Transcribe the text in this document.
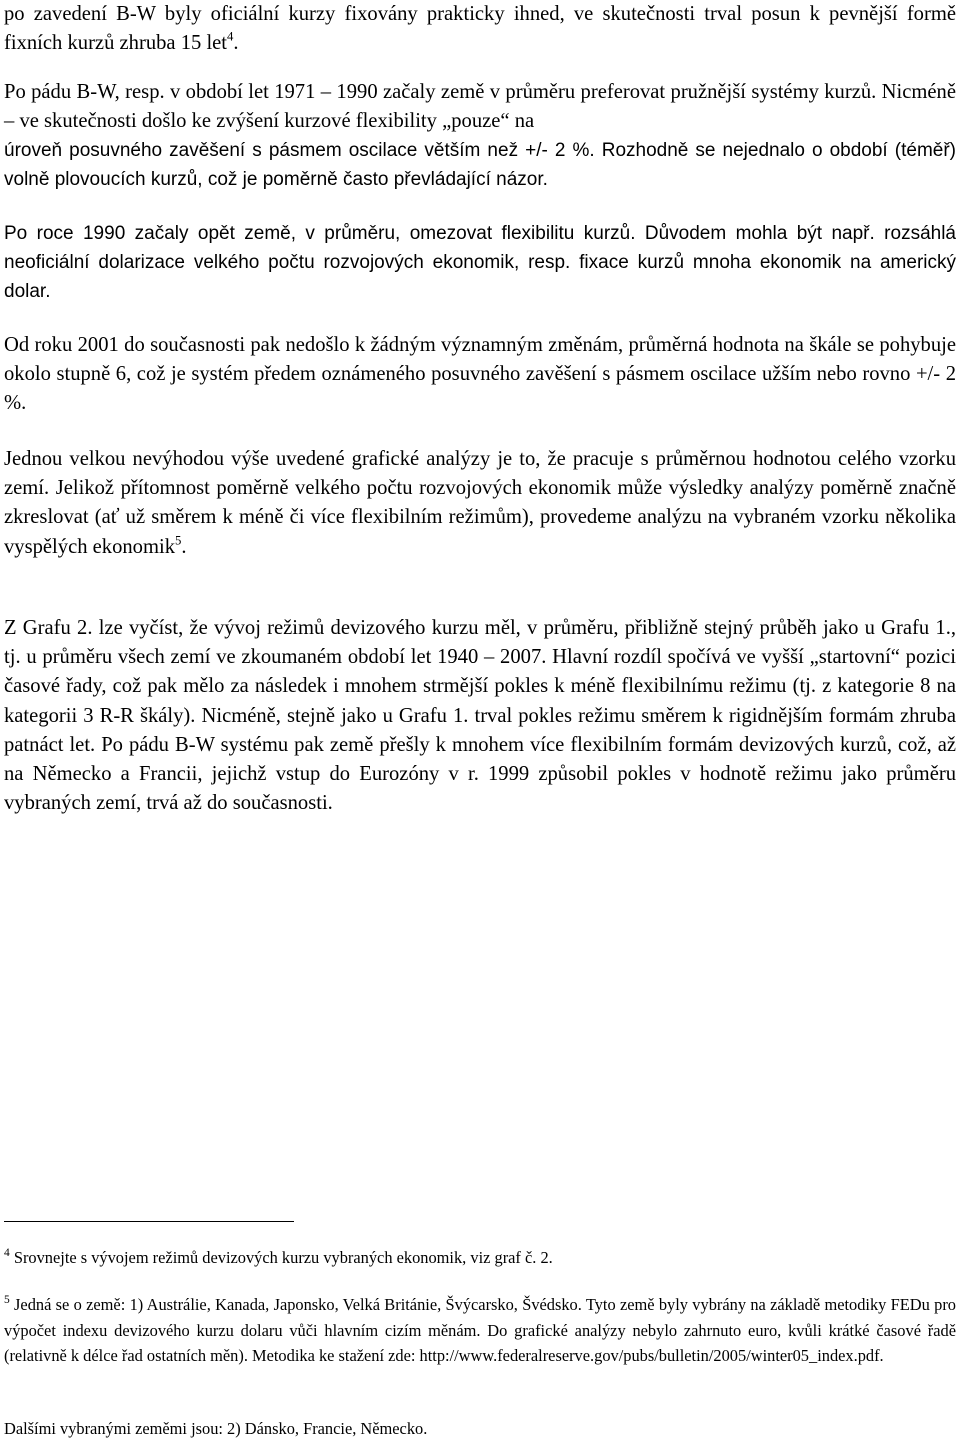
po zavedení B-W byly oficiální kurzy fixovány prakticky ihned, ve skutečnosti trval posun k pevnější formě fixních kurzů zhruba 15 let$^4$.

Po pádu B-W, resp. v období let 1971 – 1990 začaly země v průměru preferovat pružnější systémy kurzů. Nicméně – ve skutečnosti došlo ke zvýšení kurzové flexibility „pouze“ na

úroveň posuvného zavěšení s pásmem oscilace větším než +/- 2 %. Rozhodně se nejednalo o období (téměř) volně plovoucích kurzů, což je poměrně často převládající názor.

Po roce 1990 začaly opět země, v průměru, omezovat flexibilitu kurzů. Důvodem mohla být např. rozsáhlá neoficiální dolarizace velkého počtu rozvojových ekonomik, resp. fixace kurzů mnoha ekonomik na americký dolar.

Od roku 2001 do současnosti pak nedošlo k žádným významným změnám, průměrná hodnota na škále se pohybuje okolo stupně 6, což je systém předem oznámeného posuvného zavěšení s pásmem oscilace užším nebo rovno +/- 2 %.

Jednou velkou nevýhodou výše uvedené grafické analýzy je to, že pracuje s průměrnou hodnotou celého vzorku zemí. Jelikož přítomnost poměrně velkého počtu rozvojových ekonomik může výsledky analýzy poměrně značně zkreslovat (ať už směrem k méně či více flexibilním režimům), provedeme analýzu na vybraném vzorku několika vyspělých ekonomik$^5$.

Z Grafu 2. lze vyčíst, že vývoj režimů devizového kurzu měl, v průměru, přibližně stejný průběh jako u Grafu 1., tj. u průměru všech zemí ve zkoumaném období let 1940 – 2007. Hlavní rozdíl spočívá ve vyšší „startovní“ pozici časové řady, což pak mělo za následek i mnohem strmější pokles k méně flexibilnímu režimu (tj. z kategorie 8 na kategorii 3 R-R škály). Nicméně, stejně jako u Grafu 1. trval pokles režimu směrem k rigidnějším formám zhruba patnáct let. Po pádu B-W systému pak země přešly k mnohem více flexibilním formám devizových kurzů, což, až na Německo a Francii, jejichž vstup do Eurozóny v r. 1999 způsobil pokles v hodnotě režimu jako průměru vybraných zemí, trvá až do současnosti.

$^4$ Srovnejte s vývojem režimů devizových kurzu vybraných ekonomik, viz graf č. 2.

$^5$ Jedná se o země: 1) Austrálie, Kanada, Japonsko, Velká Británie, Švýcarsko, Švédsko. Tyto země byly vybrány na základě metodiky FEDu pro výpočet indexu devizového kurzu dolaru vůči hlavním cizím měnám. Do grafické analýzy nebylo zahrnuto euro, kvůli krátké časové řadě (relativně k délce řad ostatních měn). Metodika ke stažení zde: http://www.federalreserve.gov/pubs/bulletin/2005/winter05_index.pdf.

Dalšími vybranými zeměmi jsou: 2) Dánsko, Francie, Německo.
